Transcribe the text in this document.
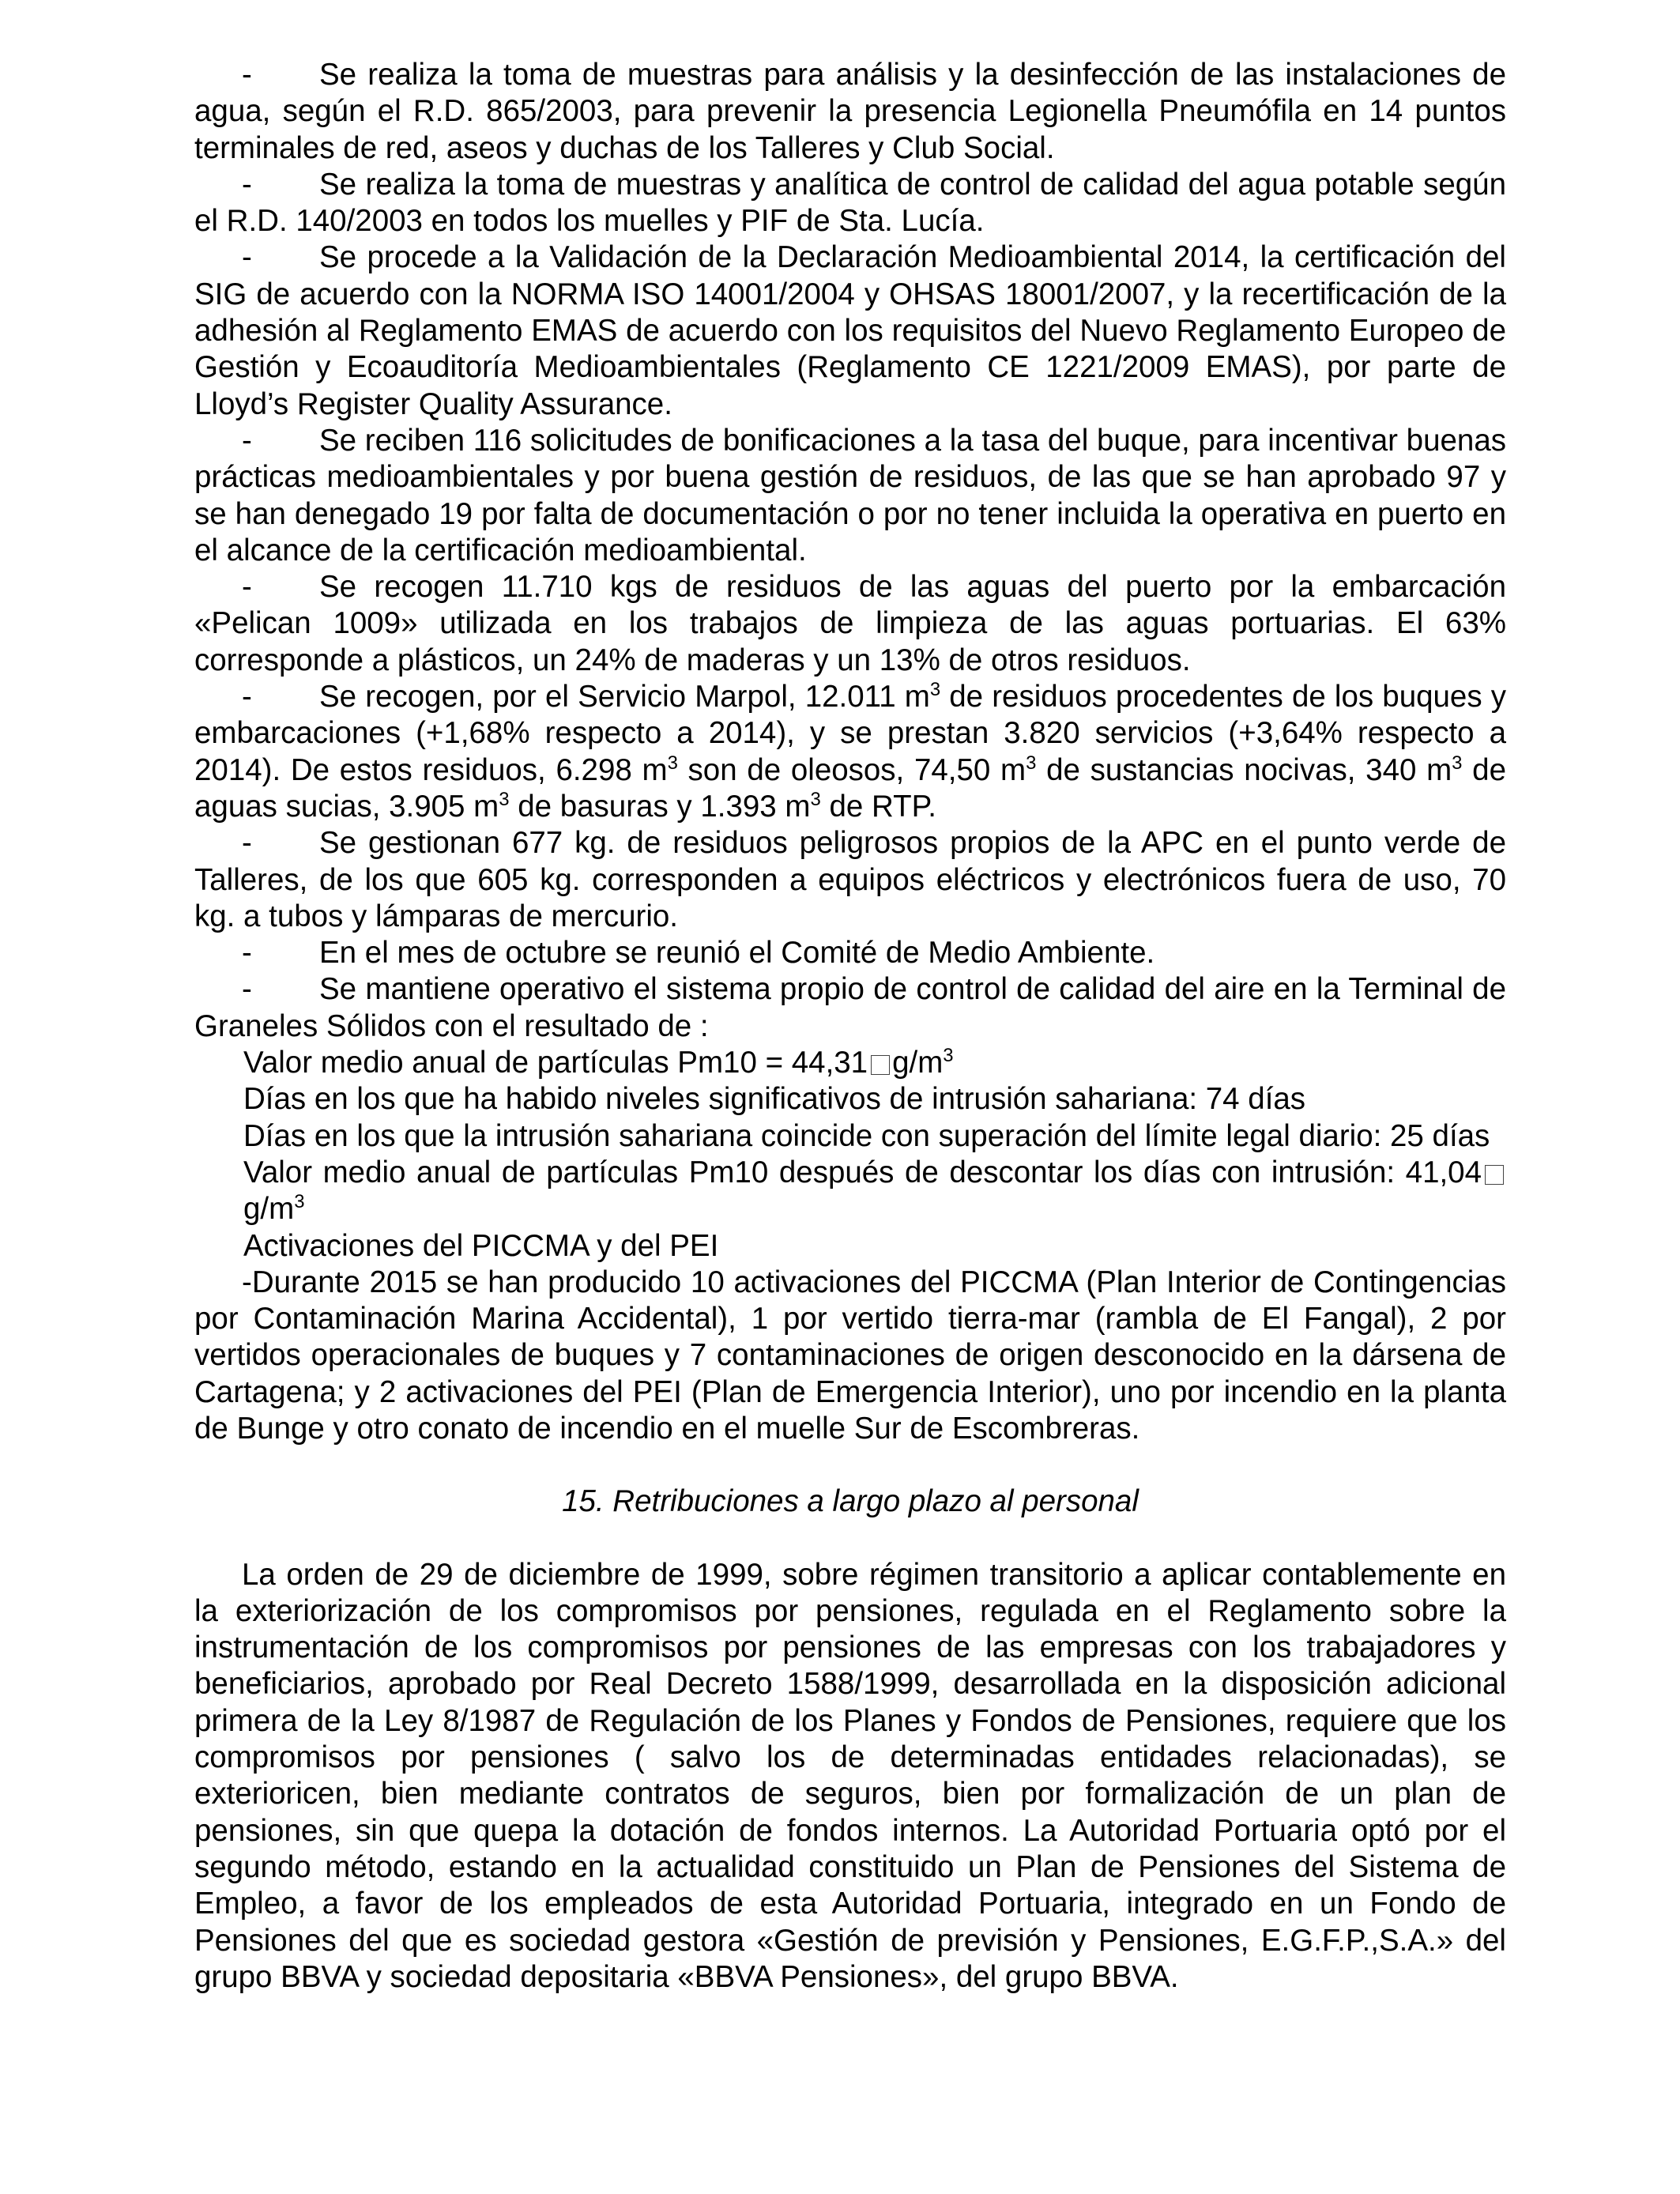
- Se realiza la toma de muestras para análisis y la desinfección de las instalaciones de agua, según el R.D. 865/2003, para prevenir la presencia Legionella Pneumófila en 14 puntos terminales de red, aseos y duchas de los Talleres y Club Social.

- Se realiza la toma de muestras y analítica de control de calidad del agua potable según el R.D. 140/2003 en todos los muelles y PIF de Sta. Lucía.

- Se procede a la Validación de la Declaración Medioambiental 2014, la certificación del SIG de acuerdo con la NORMA ISO 14001/2004 y OHSAS 18001/2007, y la recertificación de la adhesión al Reglamento EMAS de acuerdo con los requisitos del Nuevo Reglamento Europeo de Gestión y Ecoauditoría Medioambientales (Reglamento CE 1221/2009 EMAS), por parte de Lloyd’s Register Quality Assurance.

- Se reciben 116 solicitudes de bonificaciones a la tasa del buque, para incentivar buenas prácticas medioambientales y por buena gestión de residuos, de las que se han aprobado 97 y se han denegado 19 por falta de documentación o por no tener incluida la operativa en puerto en el alcance de la certificación medioambiental.

- Se recogen 11.710 kgs de residuos de las aguas del puerto por la embarcación «Pelican 1009» utilizada en los trabajos de limpieza de las aguas portuarias. El 63% corresponde a plásticos, un 24% de maderas y un 13% de otros residuos.

- Se recogen, por el Servicio Marpol, 12.011 $m^3$ de residuos procedentes de los buques y embarcaciones (+1,68% respecto a 2014), y se prestan 3.820 servicios (+3,64% respecto a 2014). De estos residuos, 6.298 $m^3$ son de oleosos, 74,50 $m^3$ de sustancias nocivas, 340 $m^3$ de aguas sucias, 3.905 $m^3$ de basuras y 1.393 $m^3$ de RTP.

- Se gestionan 677 kg. de residuos peligrosos propios de la APC en el punto verde de Talleres, de los que 605 kg. corresponden a equipos eléctricos y electrónicos fuera de uso, 70 kg. a tubos y lámparas de mercurio.

- En el mes de octubre se reunió el Comité de Medio Ambiente.

- Se mantiene operativo el sistema propio de control de calidad del aire en la Terminal de Graneles Sólidos con el resultado de :

Valor medio anual de partículas Pm10 = 44,31 $g/m^3$

Días en los que ha habido niveles significativos de intrusión sahariana: 74 días

Días en los que la intrusión sahariana coincide con superación del límite legal diario: 25 días

Valor medio anual de partículas Pm10 después de descontar los días con intrusión: $41,04g/m^3$

Activaciones del PICCMA y del PEI

-Durante 2015 se han producido 10 activaciones del PICCMA (Plan Interior de Contingencias por Contaminación Marina Accidental), 1 por vertido tierra-mar (rambla de El Fangal), 2 por vertidos operacionales de buques y 7 contaminaciones de origen desconocido en la dársena de Cartagena; y 2 activaciones del PEI (Plan de Emergencia Interior), uno por incendio en la planta de Bunge y otro conato de incendio en el muelle Sur de Escombreras.

15. Retribuciones a largo plazo al personal

La orden de 29 de diciembre de 1999, sobre régimen transitorio a aplicar contablemente en la exteriorización de los compromisos por pensiones, regulada en el Reglamento sobre la instrumentación de los compromisos por pensiones de las empresas con los trabajadores y beneficiarios, aprobado por Real Decreto 1588/1999, desarrollada en la disposición adicional primera de la Ley 8/1987 de Regulación de los Planes y Fondos de Pensiones, requiere que los compromisos por pensiones ( salvo los de determinadas entidades relacionadas), se exterioricen, bien mediante contratos de seguros, bien por formalización de un plan de pensiones, sin que quepa la dotación de fondos internos. La Autoridad Portuaria optó por el segundo método, estando en la actualidad constituido un Plan de Pensiones del Sistema de Empleo, a favor de los empleados de esta Autoridad Portuaria, integrado en un Fondo de Pensiones del que es sociedad gestora «Gestión de previsión y Pensiones, E.G.F.P.,S.A.» del grupo BBVA y sociedad depositaria «BBVA Pensiones», del grupo BBVA.
